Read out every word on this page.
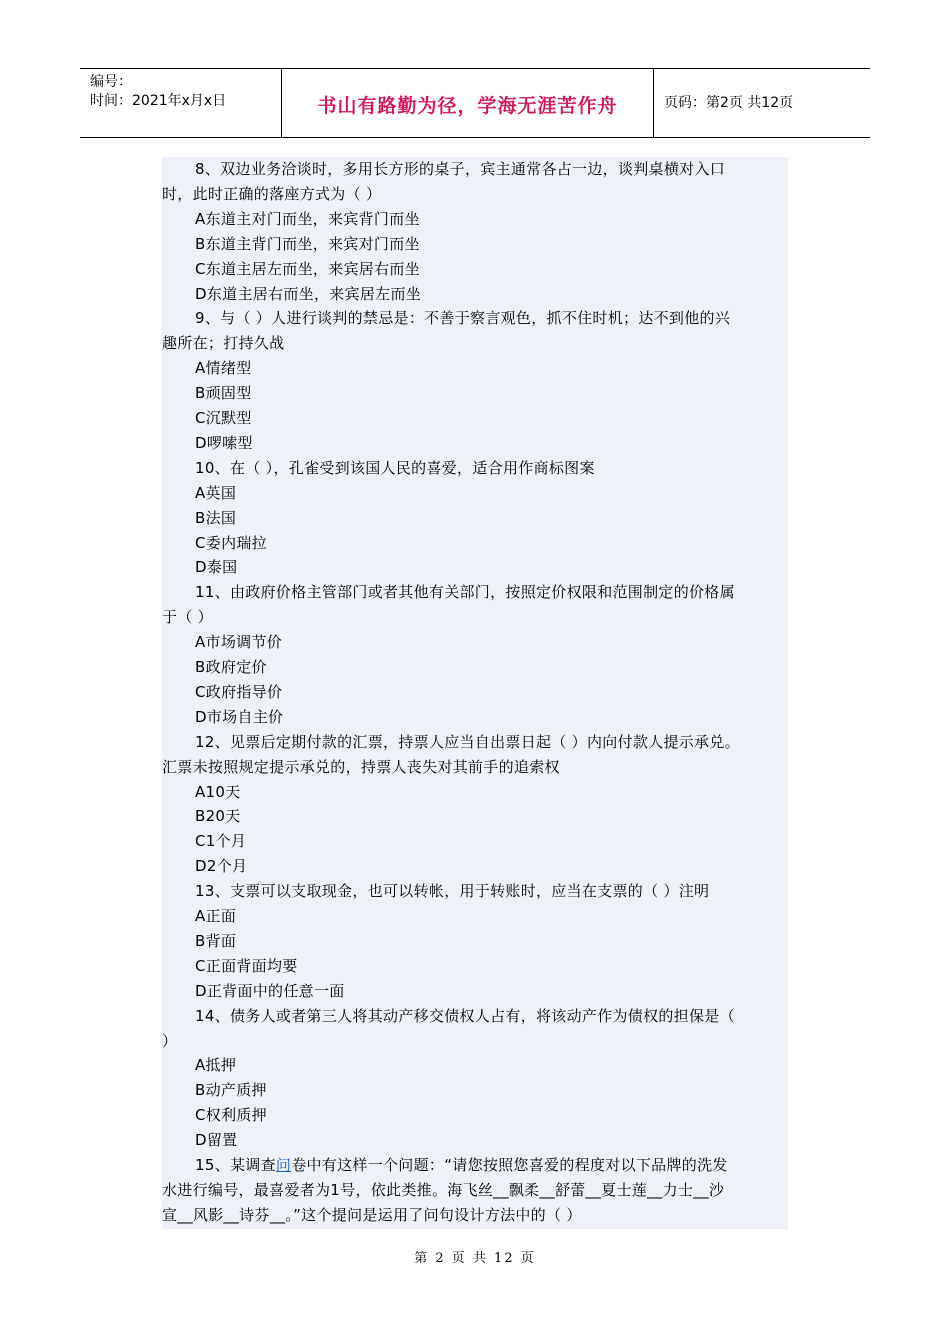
编号：
时间：2021年x月x日	书山有路勤为径，学海无涯苦作舟	页码：第2页 共12页
8、双边业务洽谈时，多用长方形的桌子，宾主通常各占一边，谈判桌横对入口
时，此时正确的落座方式为（ ）
A东道主对门而坐，来宾背门而坐
B东道主背门而坐，来宾对门而坐
C东道主居左而坐，来宾居右而坐
D东道主居右而坐，来宾居左而坐
9、与（ ）人进行谈判的禁忌是：不善于察言观色，抓不住时机；达不到他的兴
趣所在；打持久战
A情绪型
B顽固型
C沉默型
D啰嗦型
10、在（ ），孔雀受到该国人民的喜爱，适合用作商标图案
A英国
B法国
C委内瑞拉
D泰国
11、由政府价格主管部门或者其他有关部门，按照定价权限和范围制定的价格属
于（ ）
A市场调节价
B政府定价
C政府指导价
D市场自主价
12、见票后定期付款的汇票，持票人应当自出票日起（ ）内向付款人提示承兑。
汇票未按照规定提示承兑的，持票人丧失对其前手的追索权
A10天
B20天
C1个月
D2个月
13、支票可以支取现金，也可以转帐，用于转账时，应当在支票的（ ）注明
A正面
B背面
C正面背面均要
D正背面中的任意一面
14、债务人或者第三人将其动产移交债权人占有，将该动产作为债权的担保是（
）
A抵押
B动产质押
C权利质押
D留置
15、某调查问卷中有这样一个问题：“请您按照您喜爱的程度对以下品牌的洗发
水进行编号，最喜爱者为1号，依此类推。海飞丝__飘柔__舒蕾__夏士莲__力士__沙
宣__风影__诗芬__。”这个提问是运用了问句设计方法中的（ ）
第 2 页 共 12 页
